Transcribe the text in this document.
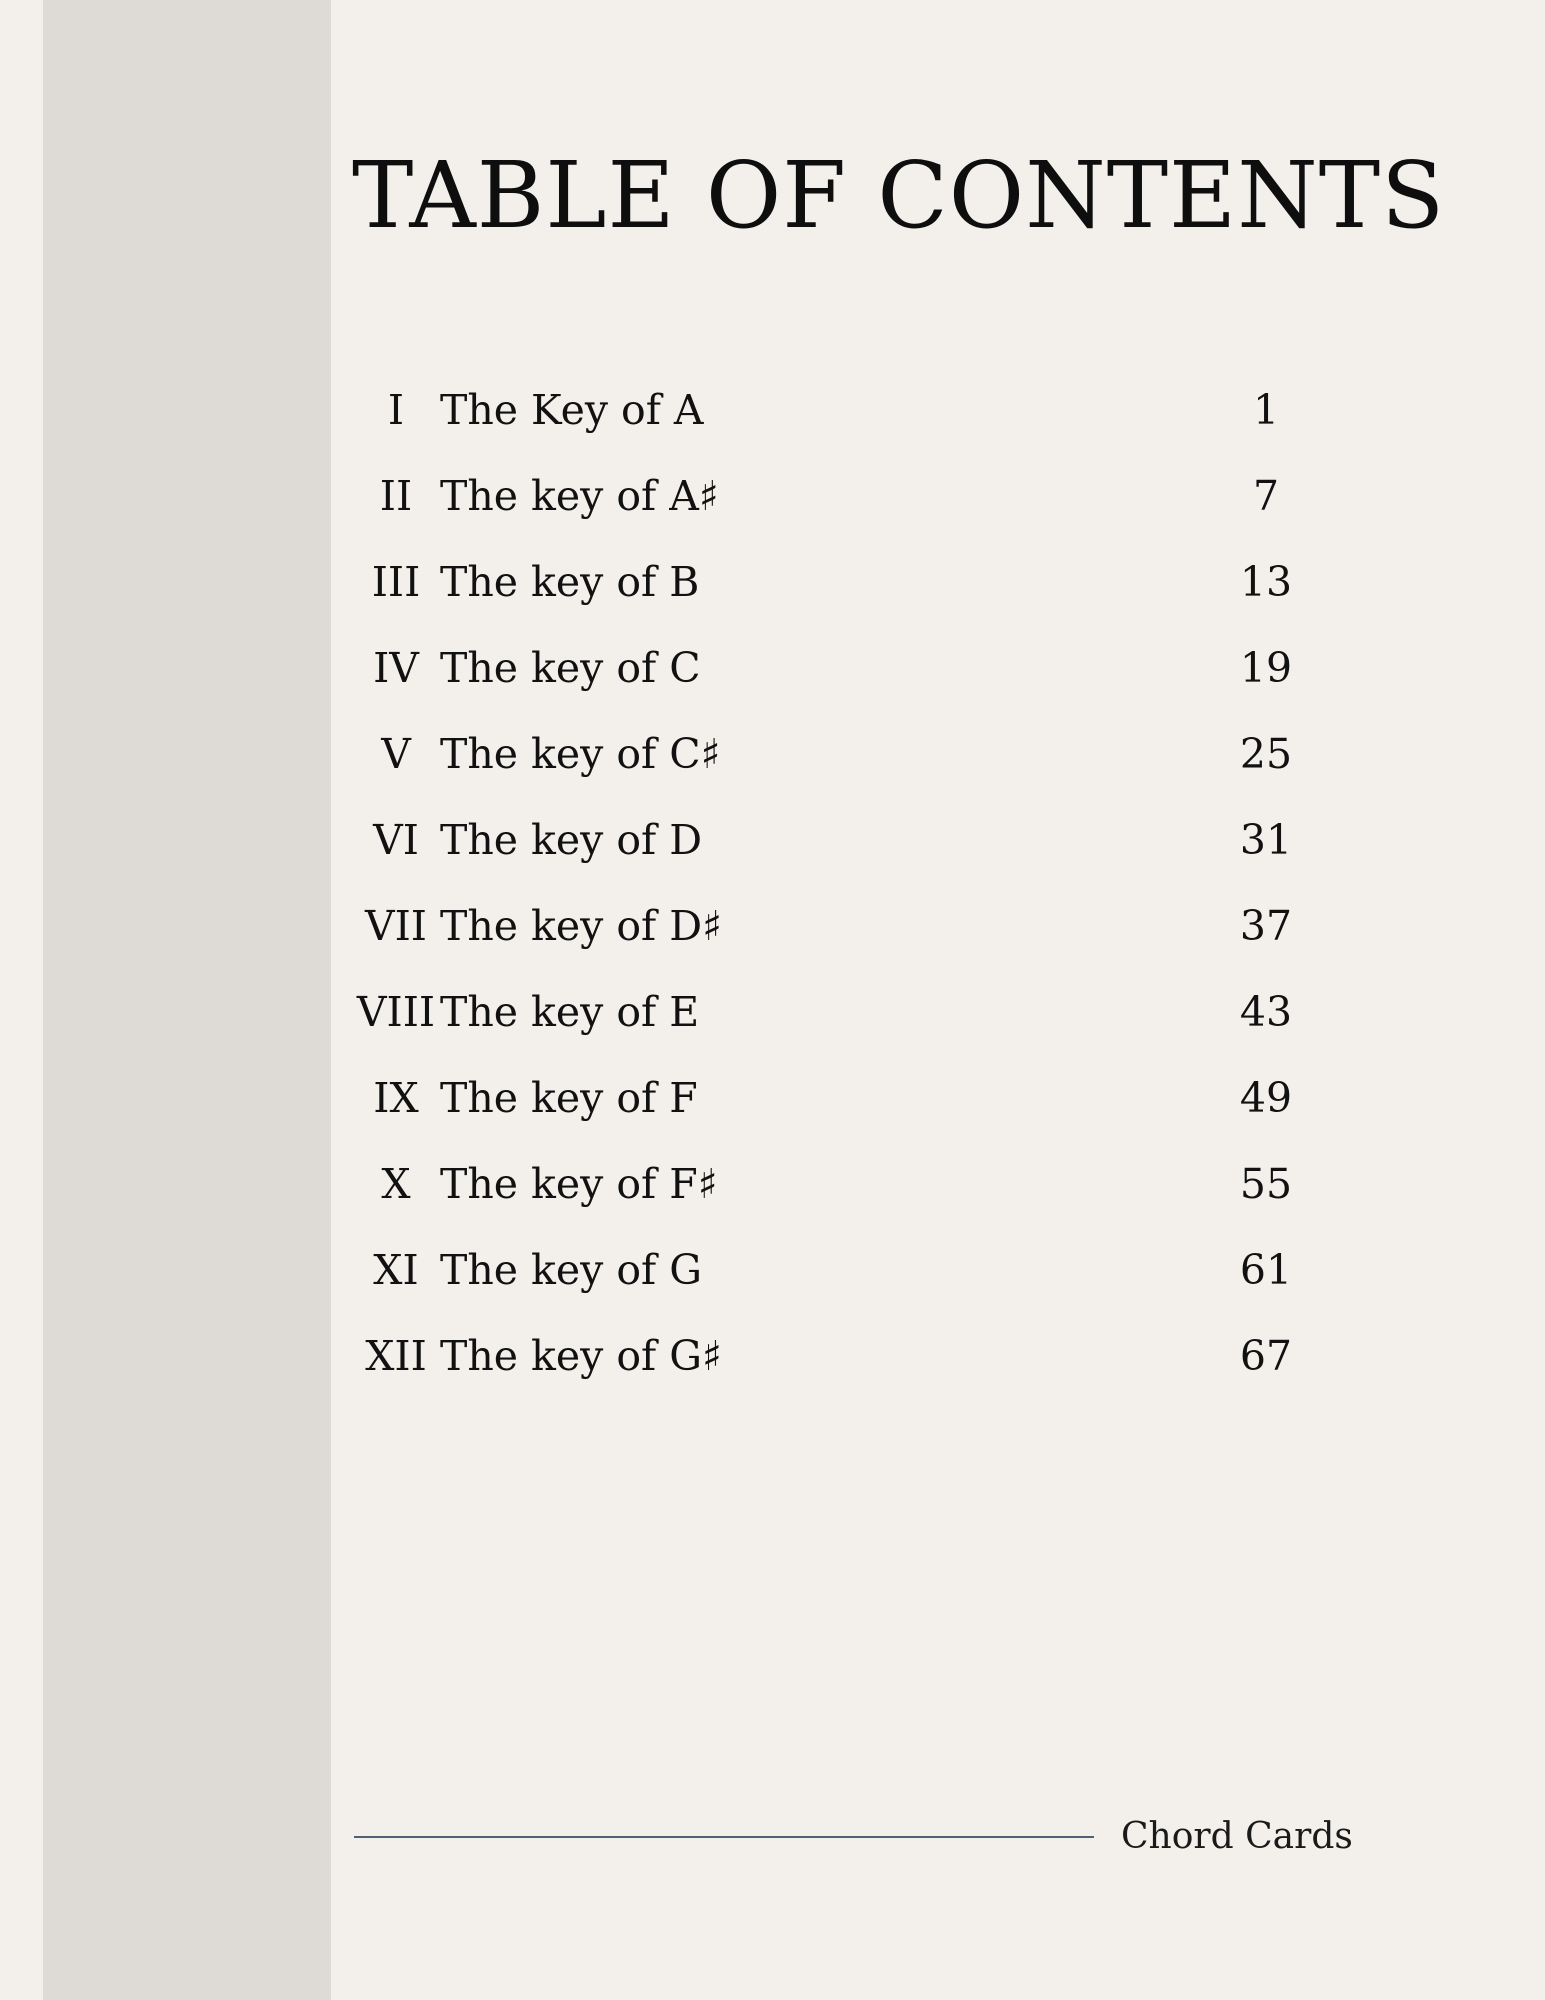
TABLE OF CONTENTS
I The Key of A	1
II The key of A♯	7
III The key of B	13
IV The key of C	19
V The key of C♯	25
VI The key of D	31
VII The key of D♯	37
VIII The key of E	43
IX The key of F	49
X The key of F♯	55
XI The key of G	61
XII The key of G♯	67
Chord Cards
